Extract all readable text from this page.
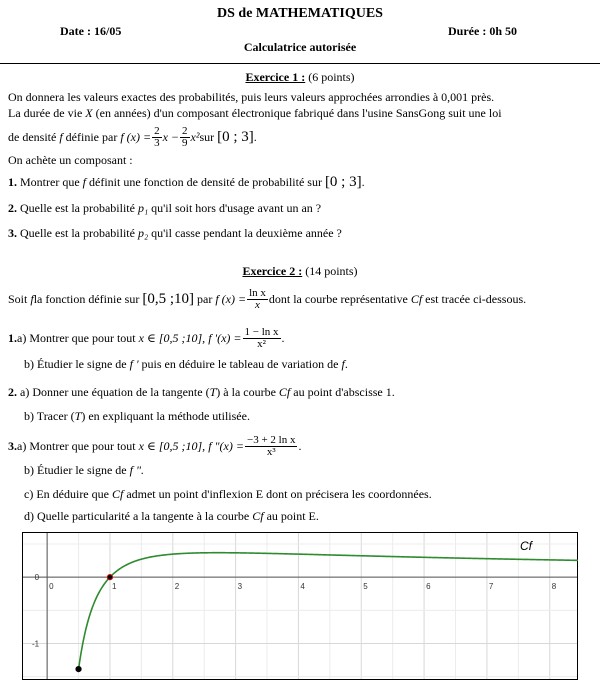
DS de MATHEMATIQUES
Date : 16/05	Durée : 0h 50
Calculatrice autorisée
Exercice 1 : (6 points)
On donnera les valeurs exactes des probabilités, puis leurs valeurs approchées arrondies à 0,001 près.
La durée de vie X (en années) d'un composant électronique fabriqué dans l'usine SansGong suit une loi
de densité
f
définie par
f $(x) = \frac{2}{3}$ $x - \frac{2}{9} x^2$ sur
[0 ; 3] .
On achète un composant :
1. Montrer que f définit une fonction de densité de probabilité sur [0 ; 3].
2. Quelle est la probabilité p₁ qu'il soit hors d'usage avant un an ?
3. Quelle est la probabilité p₂ qu'il casse pendant la deuxième année ?
Exercice 2 : (14 points)
Soit
f la fonction définie sur
[0,5 ;10]
par
f $(x) = \frac{\text{ln x}}{x}$ dont la courbe représentative
Cf
est tracée ci-dessous.
1. a) Montrer que pour tout
x ∈ [0,5 ;10],
f '$(x) = \frac{\text{1 − ln x}}{\text{x²}}$ .
b) Étudier le signe de f ' puis en déduire le tableau de variation de f.
2. a) Donner une équation de la tangente (T) à la courbe Cf au point d'abscisse 1.
b) Tracer (T) en expliquant la méthode utilisée.
3. a) Montrer que pour tout
x ∈ [0,5 ;10],
f "$(x) = \frac{\text{−3 + 2 ln x}}{\text{x³}}$ .
b) Étudier le signe de f ".
c) En déduire que Cf admet un point d'inflexion E dont on précisera les coordonnées.
d) Quelle particularité a la tangente à la courbe Cf au point E.
0	1	2	3	4	5	6	7	8
0
-1
Cf
